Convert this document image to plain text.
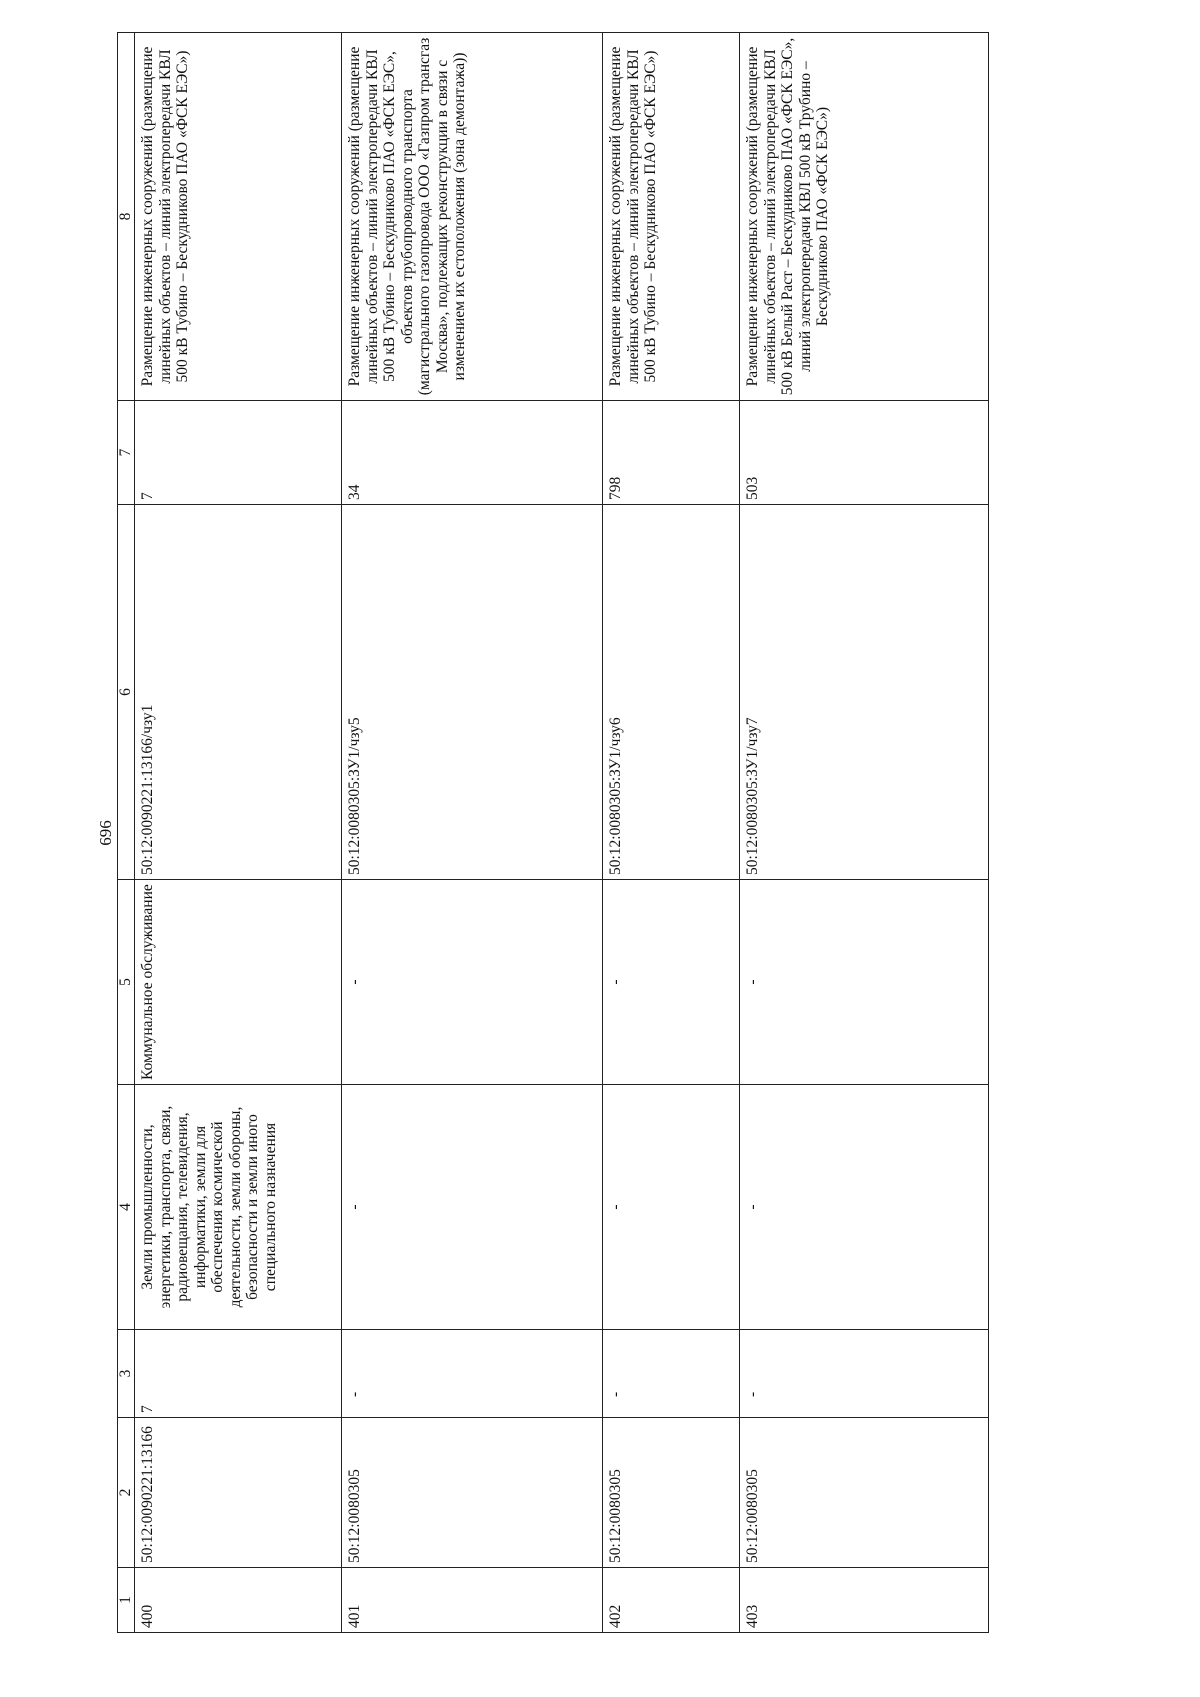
696
1	2	3	4	5	6	7	8
400	50:12:0090221:13166	7	Земли промышленности, энергетики, транспорта, связи, радиовещания, телевидения, информатики, земли для обеспечения космической деятельности, земли обороны, безопасности и земли иного специального назначения	Коммунальное обслуживание	50:12:0090221:13166/чзу1	7	Размещение инженерных сооружений (размещение линейных объектов – линий электропередачи КВЛ 500 кВ Тубино – Бескудниково ПАО «ФСК ЕЭС»)
401	50:12:0080305	-	-	-	50:12:0080305:ЗУ1/чзу5	34	Размещение инженерных сооружений (размещение линейных объектов – линий электропередачи КВЛ 500 кВ Тубино – Бескудниково ПАО «ФСК ЕЭС», объектов трубопроводного транспорта (магистрального газопровода ООО «Газпром трансгаз Москва», подлежащих реконструкции в связи с изменением их естоположения (зона демонтажа))
402	50:12:0080305	-	-	-	50:12:0080305:ЗУ1/чзу6	798	Размещение инженерных сооружений (размещение линейных объектов – линий электропередачи КВЛ 500 кВ Тубино – Бескудниково ПАО «ФСК ЕЭС»)
403	50:12:0080305	-	-	-	50:12:0080305:ЗУ1/чзу7	503	Размещение инженерных сооружений (размещение линейных объектов – линий электропередачи КВЛ 500 кВ Белый Раст – Бескудниково ПАО «ФСК ЕЭС», линий электропередачи КВЛ 500 кВ Трубино – Бескудниково ПАО «ФСК ЕЭС»)
